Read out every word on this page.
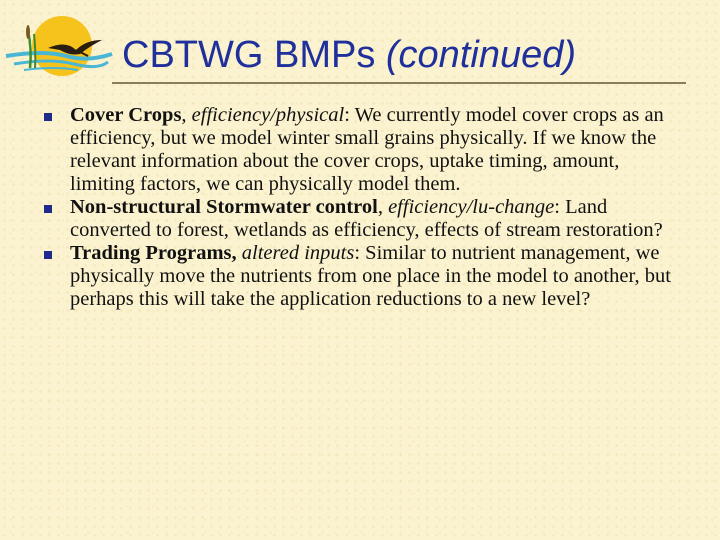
CBTWG BMPs (continued)
Cover Crops, efficiency/physical: We currently model cover crops as an efficiency, but we model winter small grains physically. If we know the relevant information about the cover crops, uptake timing, amount, limiting factors, we can physically model them.
Non-structural Stormwater control, efficiency/lu-change: Land converted to forest, wetlands as efficiency, effects of stream restoration?
Trading Programs, altered inputs: Similar to nutrient management, we physically move the nutrients from one place in the model to another, but perhaps this will take the application reductions to a new level?
